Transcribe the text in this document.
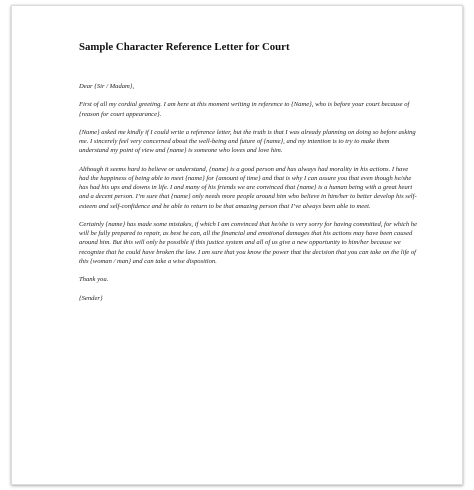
Sample Character Reference Letter for Court

Dear {Sir / Madam},

First of all my cordial greeting. I am here at this moment writing in reference to {Name}, who is before your court because of {reason for court appearance}.

{Name} asked me kindly if I could write a reference letter, but the truth is that I was already planning on doing so before asking me. I sincerely feel very concerned about the well-being and future of {name}, and my intention is to try to make them understand my point of view and {name} is someone who loves and love him.

Although it seems hard to believe or understand, {name} is a good person and has always had morality in his actions. I have had the happiness of being able to meet {name} for {amount of time} and that is why I can assure you that even though he/she has had his ups and downs in life. I and many of his friends we are convinced that {name} is a human being with a great heart and a decent person. I’m sure that {name} only needs more people around him who believe in him/her to better develop his self-esteem and self-confidence and be able to return to be that amazing person that I’ve always been able to meet.

Certainly {name} has made some mistakes, if which I am convinced that he/she is very sorry for having committed, for which he will be fully prepared to repair, as best he can, all the financial and emotional damages that his actions may have been caused around him. But this will only be possible if this justice system and all of us give a new opportunity to him/her because we recognize that he could have broken the law. I am sure that you know the power that the decision that you can take on the life of this {woman / man} and can take a wise disposition.

Thank you.

{Sender}
